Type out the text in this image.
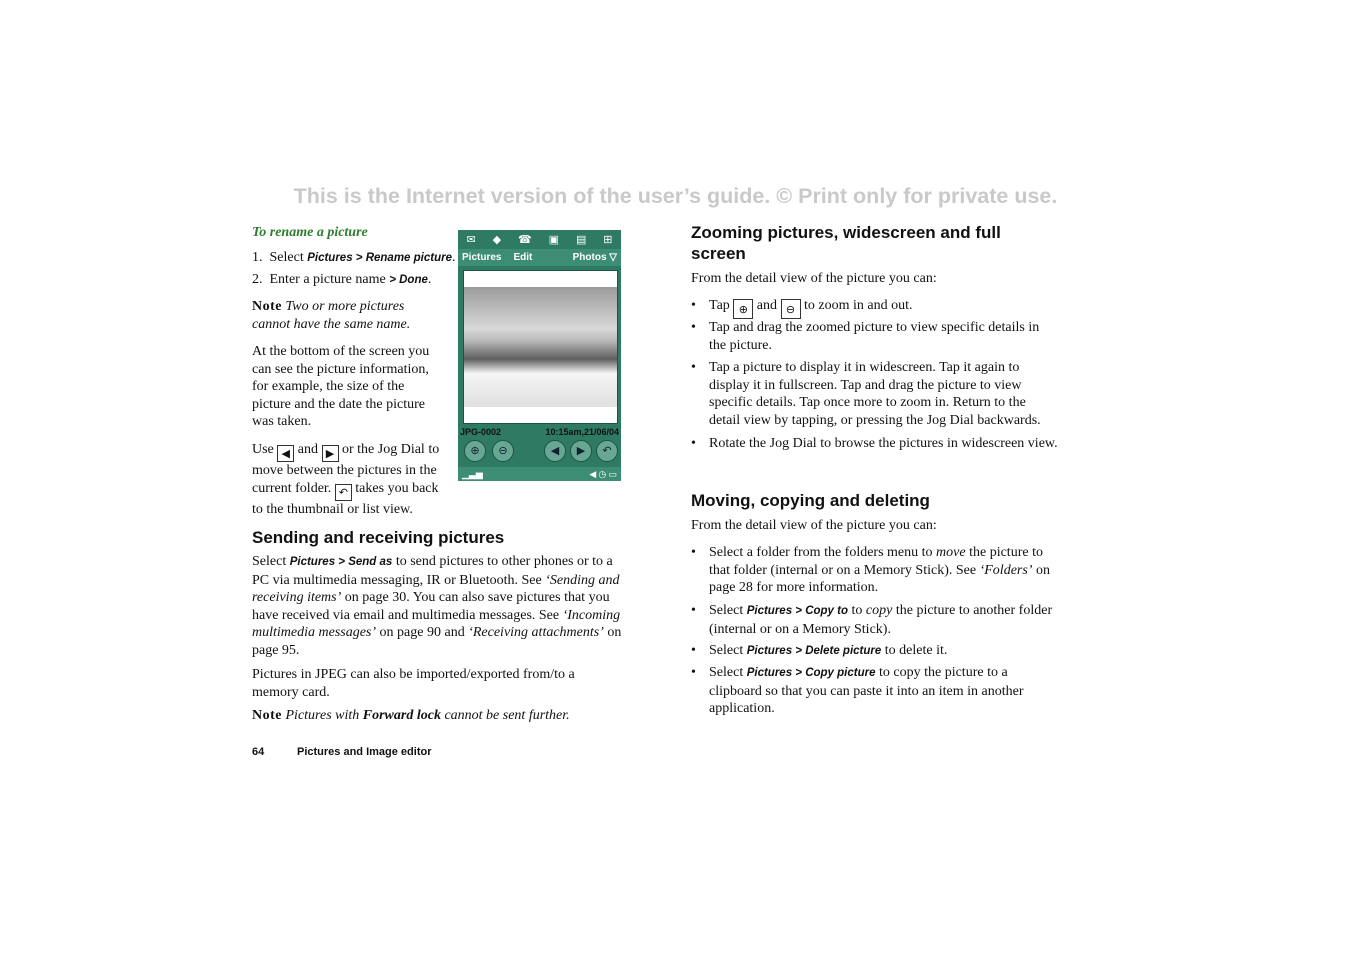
This is the Internet version of the user’s guide. © Print only for private use.

To rename a picture

1. Select Pictures > Rename picture.

2. Enter a picture name > Done.

Note Two or more pictures cannot have the same name.

At the bottom of the screen you can see the picture information, for example, the size of the picture and the date the picture was taken.

Use ◀ and ▶ or the Jog Dial to move between the pictures in the current folder. ↶ takes you back to the thumbnail or list view.

✉ ◆ ☎ ▣ ▤ ⊞
Pictures Edit	Photos ▽
JPG-0002	10:15am,21/06/04
⊕	⊖	◀	▶	↶
▁▃▅	◀ ◷ ▭
Sending and receiving pictures

Select Pictures > Send as to send pictures to other phones or to a PC via multimedia messaging, IR or Bluetooth. See ‘Sending and receiving items’ on page 30. You can also save pictures that you have received via email and multimedia messages. See ‘Incoming multimedia messages’ on page 90 and ‘Receiving attachments’ on page 95.

Pictures in JPEG can also be imported/exported from/to a memory card.

Note Pictures with Forward lock cannot be sent further.

Zooming pictures, widescreen and full screen

From the detail view of the picture you can:

• Tap ⊕ and ⊖ to zoom in and out.

• Tap and drag the zoomed picture to view specific details in the picture.

• Tap a picture to display it in widescreen. Tap it again to display it in fullscreen. Tap and drag the picture to view specific details. Tap once more to zoom in. Return to the detail view by tapping, or pressing the Jog Dial backwards.

• Rotate the Jog Dial to browse the pictures in widescreen view.

Moving, copying and deleting

From the detail view of the picture you can:

• Select a folder from the folders menu to move the picture to that folder (internal or on a Memory Stick). See ‘Folders’ on page 28 for more information.

• Select Pictures > Copy to to copy the picture to another folder (internal or on a Memory Stick).

• Select Pictures > Delete picture to delete it.

• Select Pictures > Copy picture to copy the picture to a clipboard so that you can paste it into an item in another application.

64	Pictures and Image editor
